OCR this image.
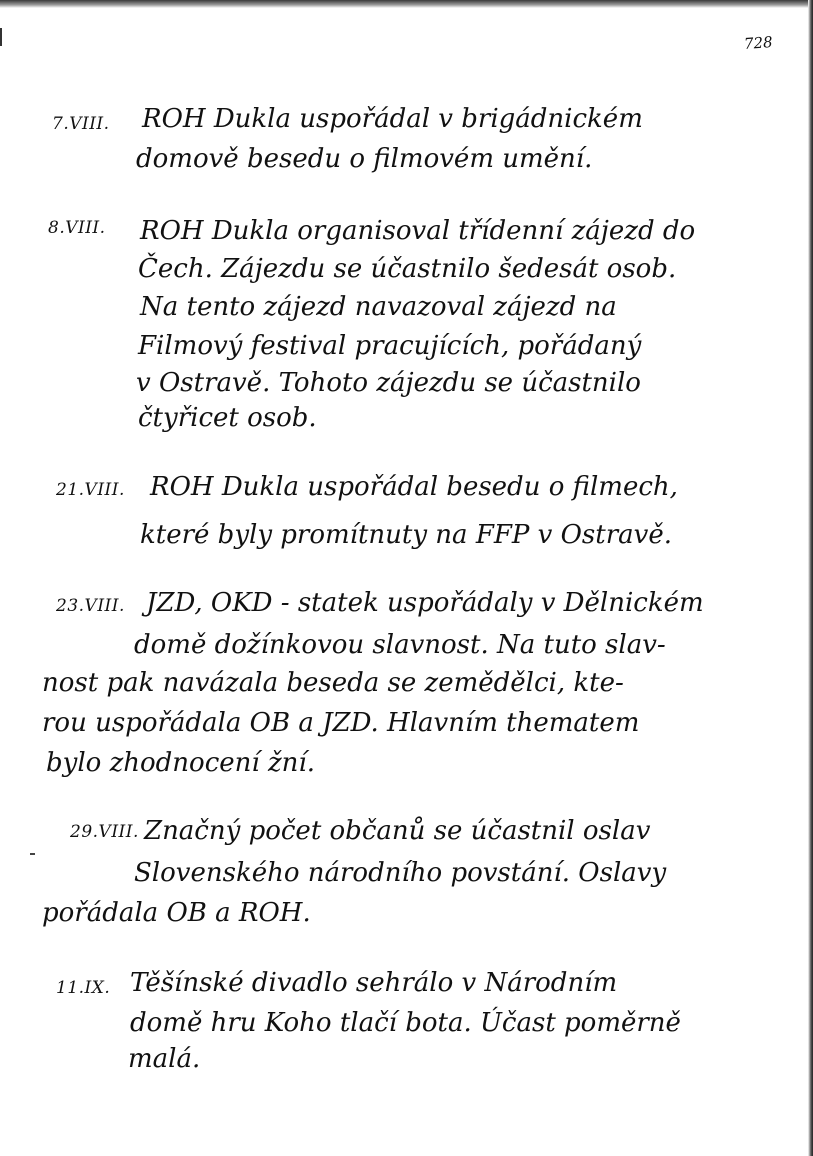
728
7.VIII. ROH Dukla uspořádal v brigádnickém
domově besedu o filmovém umění.
8.VIII. ROH Dukla organisoval třídenní zájezd do
Čech. Zájezdu se účastnilo šedesát osob.
Na tento zájezd navazoval zájezd na
Filmový festival pracujících, pořádaný
v Ostravě. Tohoto zájezdu se účastnilo
čtyřicet osob.
21.VIII. ROH Dukla uspořádal besedu o filmech,
které byly promítnuty na FFP v Ostravě.
23.VIII. JZD, OKD - statek uspořádaly v Dělnickém
domě dožínkovou slavnost. Na tuto slav-
nost pak navázala beseda se zemědělci, kte-
rou uspořádala OB a JZD. Hlavním thematem
bylo zhodnocení žní.
29.VIII. Značný počet občanů se účastnil oslav
Slovenského národního povstání. Oslavy
pořádala OB a ROH.
11.IX. Těšínské divadlo sehrálo v Národním
domě hru Koho tlačí bota. Účast poměrně
malá.
